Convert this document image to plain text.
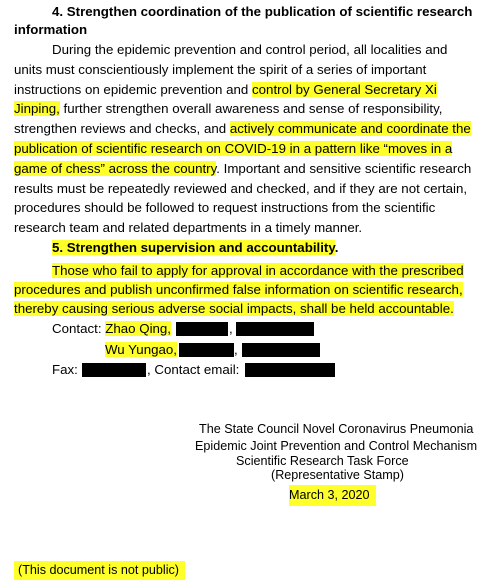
4. Strengthen coordination of the publication of scientific research
information
During the epidemic prevention and control period, all localities and
units must conscientiously implement the spirit of a series of important
instructions on epidemic prevention and control by General Secretary Xi
Jinping, further strengthen overall awareness and sense of responsibility,
strengthen reviews and checks, and actively communicate and coordinate the
publication of scientific research on COVID-19 in a pattern like “moves in a
game of chess” across the country. Important and sensitive scientific research
results must be repeatedly reviewed and checked, and if they are not certain,
procedures should be followed to request instructions from the scientific
research team and related departments in a timely manner.
5. Strengthen supervision and accountability.
Those who fail to apply for approval in accordance with the prescribed
procedures and publish unconfirmed false information on scientific research,
thereby causing serious adverse social impacts, shall be held accountable.
Contact: Zhao Qing,	,
Wu Yungao,	,
Fax:	, Contact email:
The State Council Novel Coronavirus Pneumonia
Epidemic Joint Prevention and Control Mechanism
Scientific Research Task Force
(Representative Stamp)
March 3, 2020
(This document is not public)
